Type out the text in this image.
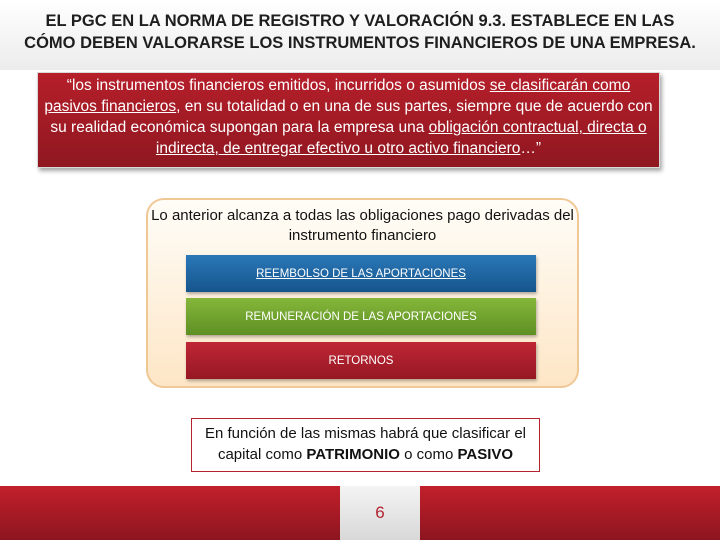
EL PGC EN LA NORMA DE REGISTRO Y VALORACIÓN 9.3. ESTABLECE EN LAS
CÓMO DEBEN VALORARSE LOS INSTRUMENTOS FINANCIEROS DE UNA EMPRESA.
“los instrumentos financieros emitidos, incurridos o asumidos se clasificarán como pasivos financieros, en su totalidad o en una de sus partes, siempre que de acuerdo con su realidad económica supongan para la empresa una obligación contractual, directa o indirecta, de entregar efectivo u otro activo financiero…”
Lo anterior alcanza a todas las obligaciones pago derivadas del instrumento financiero
REEMBOLSO DE LAS APORTACIONES
REMUNERACIÓN DE LAS APORTACIONES
RETORNOS
En función de las mismas habrá que clasificar el capital como PATRIMONIO o como PASIVO
6
